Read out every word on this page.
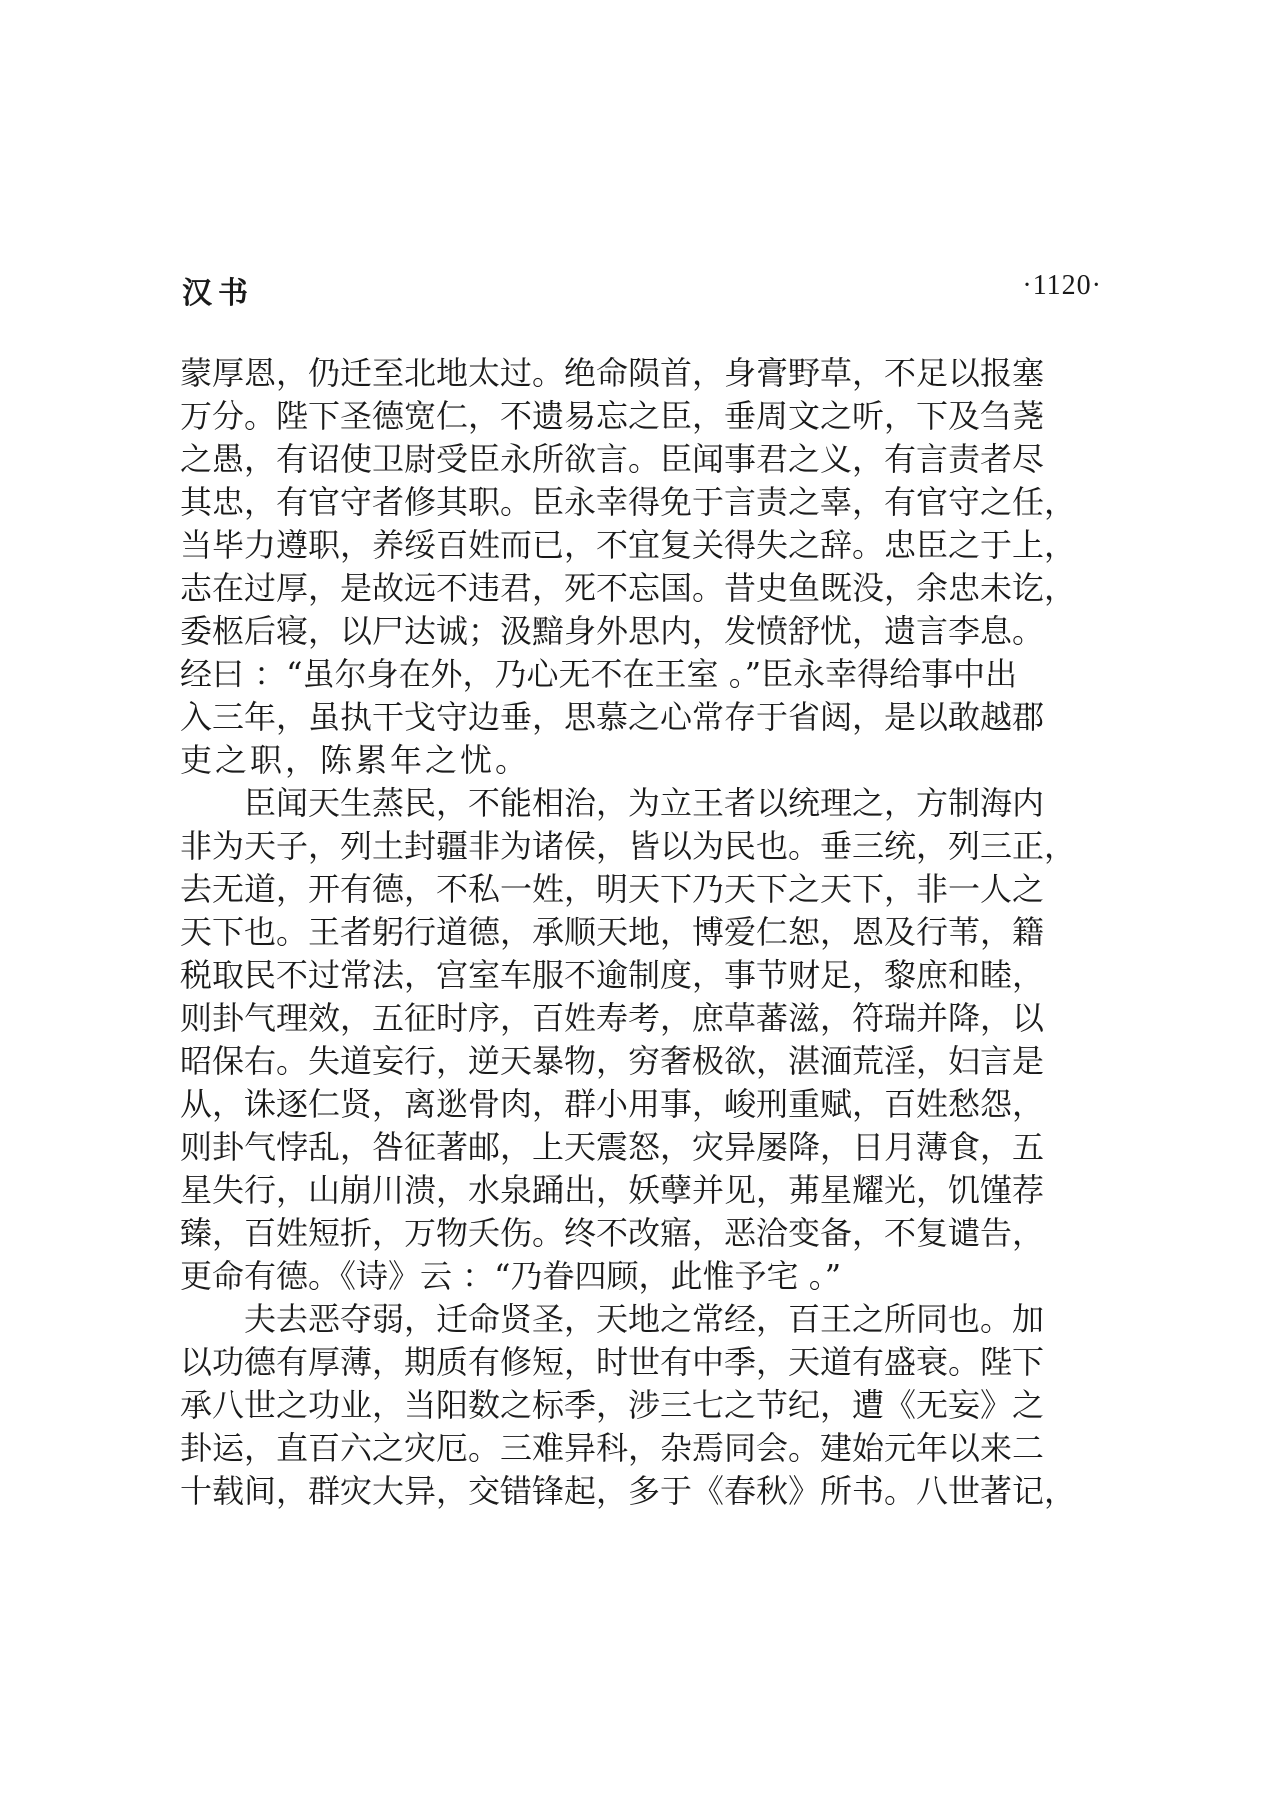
汉书	·1120·
蒙厚恩，仍迁至北地太过。绝命陨首，身膏野草，不足以报塞
万分。陛下圣德宽仁，不遗易忘之臣，垂周文之听，下及刍荛
之愚，有诏使卫尉受臣永所欲言。臣闻事君之义，有言责者尽
其忠，有官守者修其职。臣永幸得免于言责之辜，有官守之任，
当毕力遵职，养绥百姓而已，不宜复关得失之辞。忠臣之于上，
志在过厚，是故远不违君，死不忘国。昔史鱼既没，余忠未讫，
委柩后寝，以尸达诚；汲黯身外思内，发愤舒忧，遗言李息。
经曰 ：“虽尔身在外，乃心无不在王室 。”臣永幸得给事中出
入三年，虽执干戈守边垂，思慕之心常存于省闼，是以敢越郡
吏之职，陈累年之忧。
臣闻天生蒸民，不能相治，为立王者以统理之，方制海内
非为天子，列土封疆非为诸侯，皆以为民也。垂三统，列三正，
去无道，开有德，不私一姓，明天下乃天下之天下，非一人之
天下也。王者躬行道德，承顺天地，博爱仁恕，恩及行苇，籍
税取民不过常法，宫室车服不逾制度，事节财足，黎庶和睦，
则卦气理效，五征时序，百姓寿考，庶草蕃滋，符瑞并降，以
昭保右。失道妄行，逆天暴物，穷奢极欲，湛湎荒淫，妇言是
从，诛逐仁贤，离逖骨肉，群小用事，峻刑重赋，百姓愁怨，
则卦气悖乱，咎征著邮，上天震怒，灾异屡降，日月薄食，五
星失行，山崩川溃，水泉踊出，妖孽并见，茀星耀光，饥馑荐
臻，百姓短折，万物夭伤。终不改寤，恶洽变备，不复谴告，
更命有德。《诗》云 ：“乃眷四顾，此惟予宅 。”
夫去恶夺弱，迁命贤圣，天地之常经，百王之所同也。加
以功德有厚薄，期质有修短，时世有中季，天道有盛衰。陛下
承八世之功业，当阳数之标季，涉三七之节纪，遭《无妄》之
卦运，直百六之灾厄。三难异科，杂焉同会。建始元年以来二
十载间，群灾大异，交错锋起，多于《春秋》所书。八世著记，
